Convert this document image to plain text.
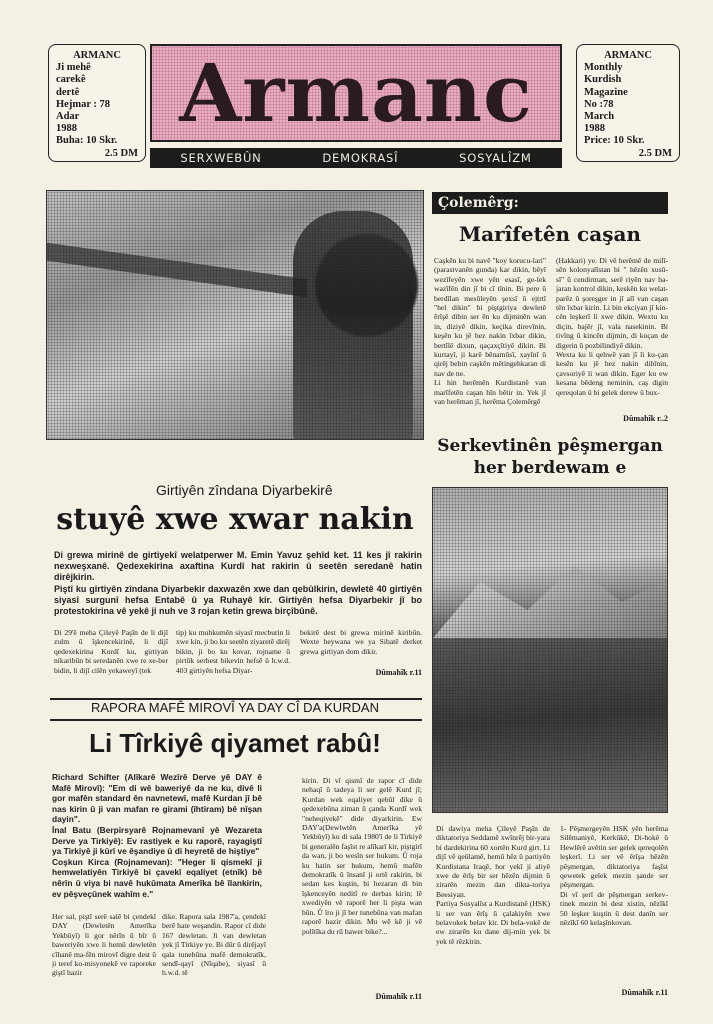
ARMANC
Ji mehê
carekê
dertê
Hejmar : 78
Adar
1988
Buha: 10 Skr.
2.5 DM
Armanc
SERXWEBÛN	DEMOKRASÎ	SOSYALÎZM
ARMANC
Monthly
Kurdish
Magazine
No :78
March
1988
Price: 10 Skr.
2.5 DM
Çolemêrg:
Marîfetên caşan
Caşkên ku bi navê "koy korucu-lari" (parastvanên gunda) kar dikin, bêyî wezîfeyên xwe yên esasî, ge-lek wazîfên din jî bi cî tînin. Bi pere û berdîlan mesûleyên şexsî û ejtrtî "hel dikin" bi piştgiriya dewletê êrîşê dibin ser ên ku dijminên wan in, diziyê dikin, keçika direvînin, keşên ku jê hez nakin îxbar dikin, bertîlê dixun, qaçaxçîtiyê dikin. Bi kurtayî, ji karê bênamûsî, xayînî û qirêj bebin caşkên mêtingehkaran di nav de ne.
Li hin herêmên Kurdistanê van marîfetên caşan hîn bêtir in. Yek jî van herêman jî, herêma Çolemêrgê
(Hakkari) ye. Di vê herêmê de milî-sên kolonyalîstan bi " hêzên xusû-sî" û cendirman, serê riyên nav ba-jaran kontrol dikin, keskên ku welat-parêz û şoreşger in jî alî van caşan tên îxbar kirin. Li bin ekciyan jî kin-cên leşkerî li xwe dikin. Wextu ku diçin, bajêr jî, vala nasekinin. Bi tivîng û kincên dijmin, di kuçan de digerin û pozbilindiyê dikin.
Wexta ku li qehwê yan jî li ku-çan kesên ku jê hez nakin dibînin, çavsoriyê li wan dikin. Eger ku ew kesana bêdeng neminin, caş digin qereqolan û bi gelek derew û bux-
Dûmahîk r..2
Serkevtinên pêşmergan
her berdewam e
Girtiyên zîndana Diyarbekirê
stuyê xwe xwar nakin
Di grewa mirinê de girtiyekî welatperwer M. Emin Yavuz şehîd ket. 11 kes jî rakirin nexweşxanê. Qedexekirina axaftina Kurdî hat rakirin û seetên seredanê hatin dirêjkirin.
Piştî ku girtiyên zîndana Diyarbekir daxwazên xwe dan qebûlkirin, dewletê 40 girtiyên siyasî surgunî hefsa Entabê û ya Ruhayê kir. Girtiyên hefsa Diyarbekir jî bo protestokirina vê yekê ji nuh ve 3 rojan ketin grewa birçîbûnê.
Di 29'ê meha Çileyê Paşîn de li dijî zulm û îşkencekirinê, li dijî qedexekirina Kurdî ku, girtiyan nikaribûn bi seredanên xwe re xe-ber bidin, li dijî cilên yekaweyî (tek
tip) ku muhkumên siyasî mecburin li xwe kin, ji bo ku seetên ziyaretê dirêj bikin, ji bo ku kovar, rojname û pirtûk serbest bikevin hefsê û h.w.d. 403 girtiyên hefsa Diyar-
bekirê dest bi grewa mirinê kiribûn. Wexte heywana we ya Sibatê derket grewa girtiyan dom dikir.
Dûmahîk r.11
RAPORA MAFÊ MIROVÎ YA DAY CÎ DA KURDAN
Li Tîrkiyê qiyamet rabû!
Richard Schifter (Alîkarê Wezîrê Derve yê DAY ê Mafê Mirovî): "Em di wê baweriyê da ne ku, divê li gor mafên standard ên navnetewî, mafê Kurdan jî bê nas kirin û ji van mafan re girami (îhtiram) bê nîşan dayin".
İnal Batu (Berpirsyarê Rojnamevanî yê Wezareta Derve ya Tirkiyê): Ev rastiyek e ku raporê, rayagiştî ya Tirkiyê ji kûrî ve êşandiye û di heyretê de hiştiye"
Coşkun Kirca (Rojnamevan): "Heger li qismekî ji hemwelatiyên Tirkiyê bi çavekî eqaliyet (etnîk) bê nêrîn û viya bi navê hukûmata Amerîka bê îlankirin, ev pêşveçûnek wahîm e."
Her sal, piştî serê salê bi çendekî DAY (Dewletên Amerîka Yekbûyî) li gor nêrîn û bîr û baweriyên xwe li hemû dewletên cîhanê ma-fên mirovî digre dest û ji teref ko-misyonekê ve raporeke giştî hazir
dike. Rapora sala 1987'a, çendekî berê hate weşandin. Rapor cî dide 167 dewletan. Ji van dewletan yek jî Tirkiye ye. Bi dûr û dirêjayî qala tunebûna mafê demokratîk, sendî-qayî (Nîqabe), siyasî û h.w.d. tê
kirin. Di vî qismî de rapor cî dide nehaqî û tadeya li ser gelê Kurd jî; Kurdan wek eqaliyet qebûl dike û qedexebûna ziman û çanda Kurdî wek "neheqiyekê" dide diyarkirin. Ew DAY'a(Dewlwtên Amerîka yê Yekbûyî) ku di sala 1980'î de li Tirkiyê bi generalên faşîst re alîkarî kir, piştgirî da wan, ji bo wesîn ser hukum. Û roja ku hatin ser hukum, hemû mafên demokratîk û însanî ji ortê rakirin, bi sedan kes kuştin, bi hezaran di bin îşkenceyên neditî re derbas kirin; lê xwediyên vê raporê her li pişta wan bûn. Û îro ji jî ber tunebûna van mafan raporê hazir dikin. Mu wê kê ji vê polîtîka du rû bawer bike?...
Dûmahîk r.11
Di dawiya meha Çileyê Paşîn de diktatoriya Seddamê xwînrêj bir-yara bi dardekirina 60 xortên Kurd girt. Li dijî vê qeûlamê, hemû hêz û partiyên Kurdistana Iraqê, hor yekî ji aliyê xwe de êrîş bir ser hêzên dijmin û zirarên mezin dan dikta-toriya Beesiyan.
Partiya Sosyalîst a Kurdistanê (HSK) li ser van êrîş û çalakiyên xwe belavokek belav kir. Di bela-vokê de ew zirarên ku dane dij-min yek bi yek tê rêzkirin.
1- Pêşmergeyên HSK yên herêma Silêmaniyê, Kerkûkê, Di-hokê û Hewlêrê avêtin ser gelek qereqolên leşkerî. Li ser vê êrîşa hêzên pêşmergan, diktatoriya faşîst qewetek gelek mezin şande ser pêşmergan.
Di vî şerî de pêşmergan serkev-tinek mezin bi dest xistin, nêzîkî 50 leşker kuştin û dest danîn ser nêzîkî 60 kelaşînkovan.
Dûmahîk r.11
